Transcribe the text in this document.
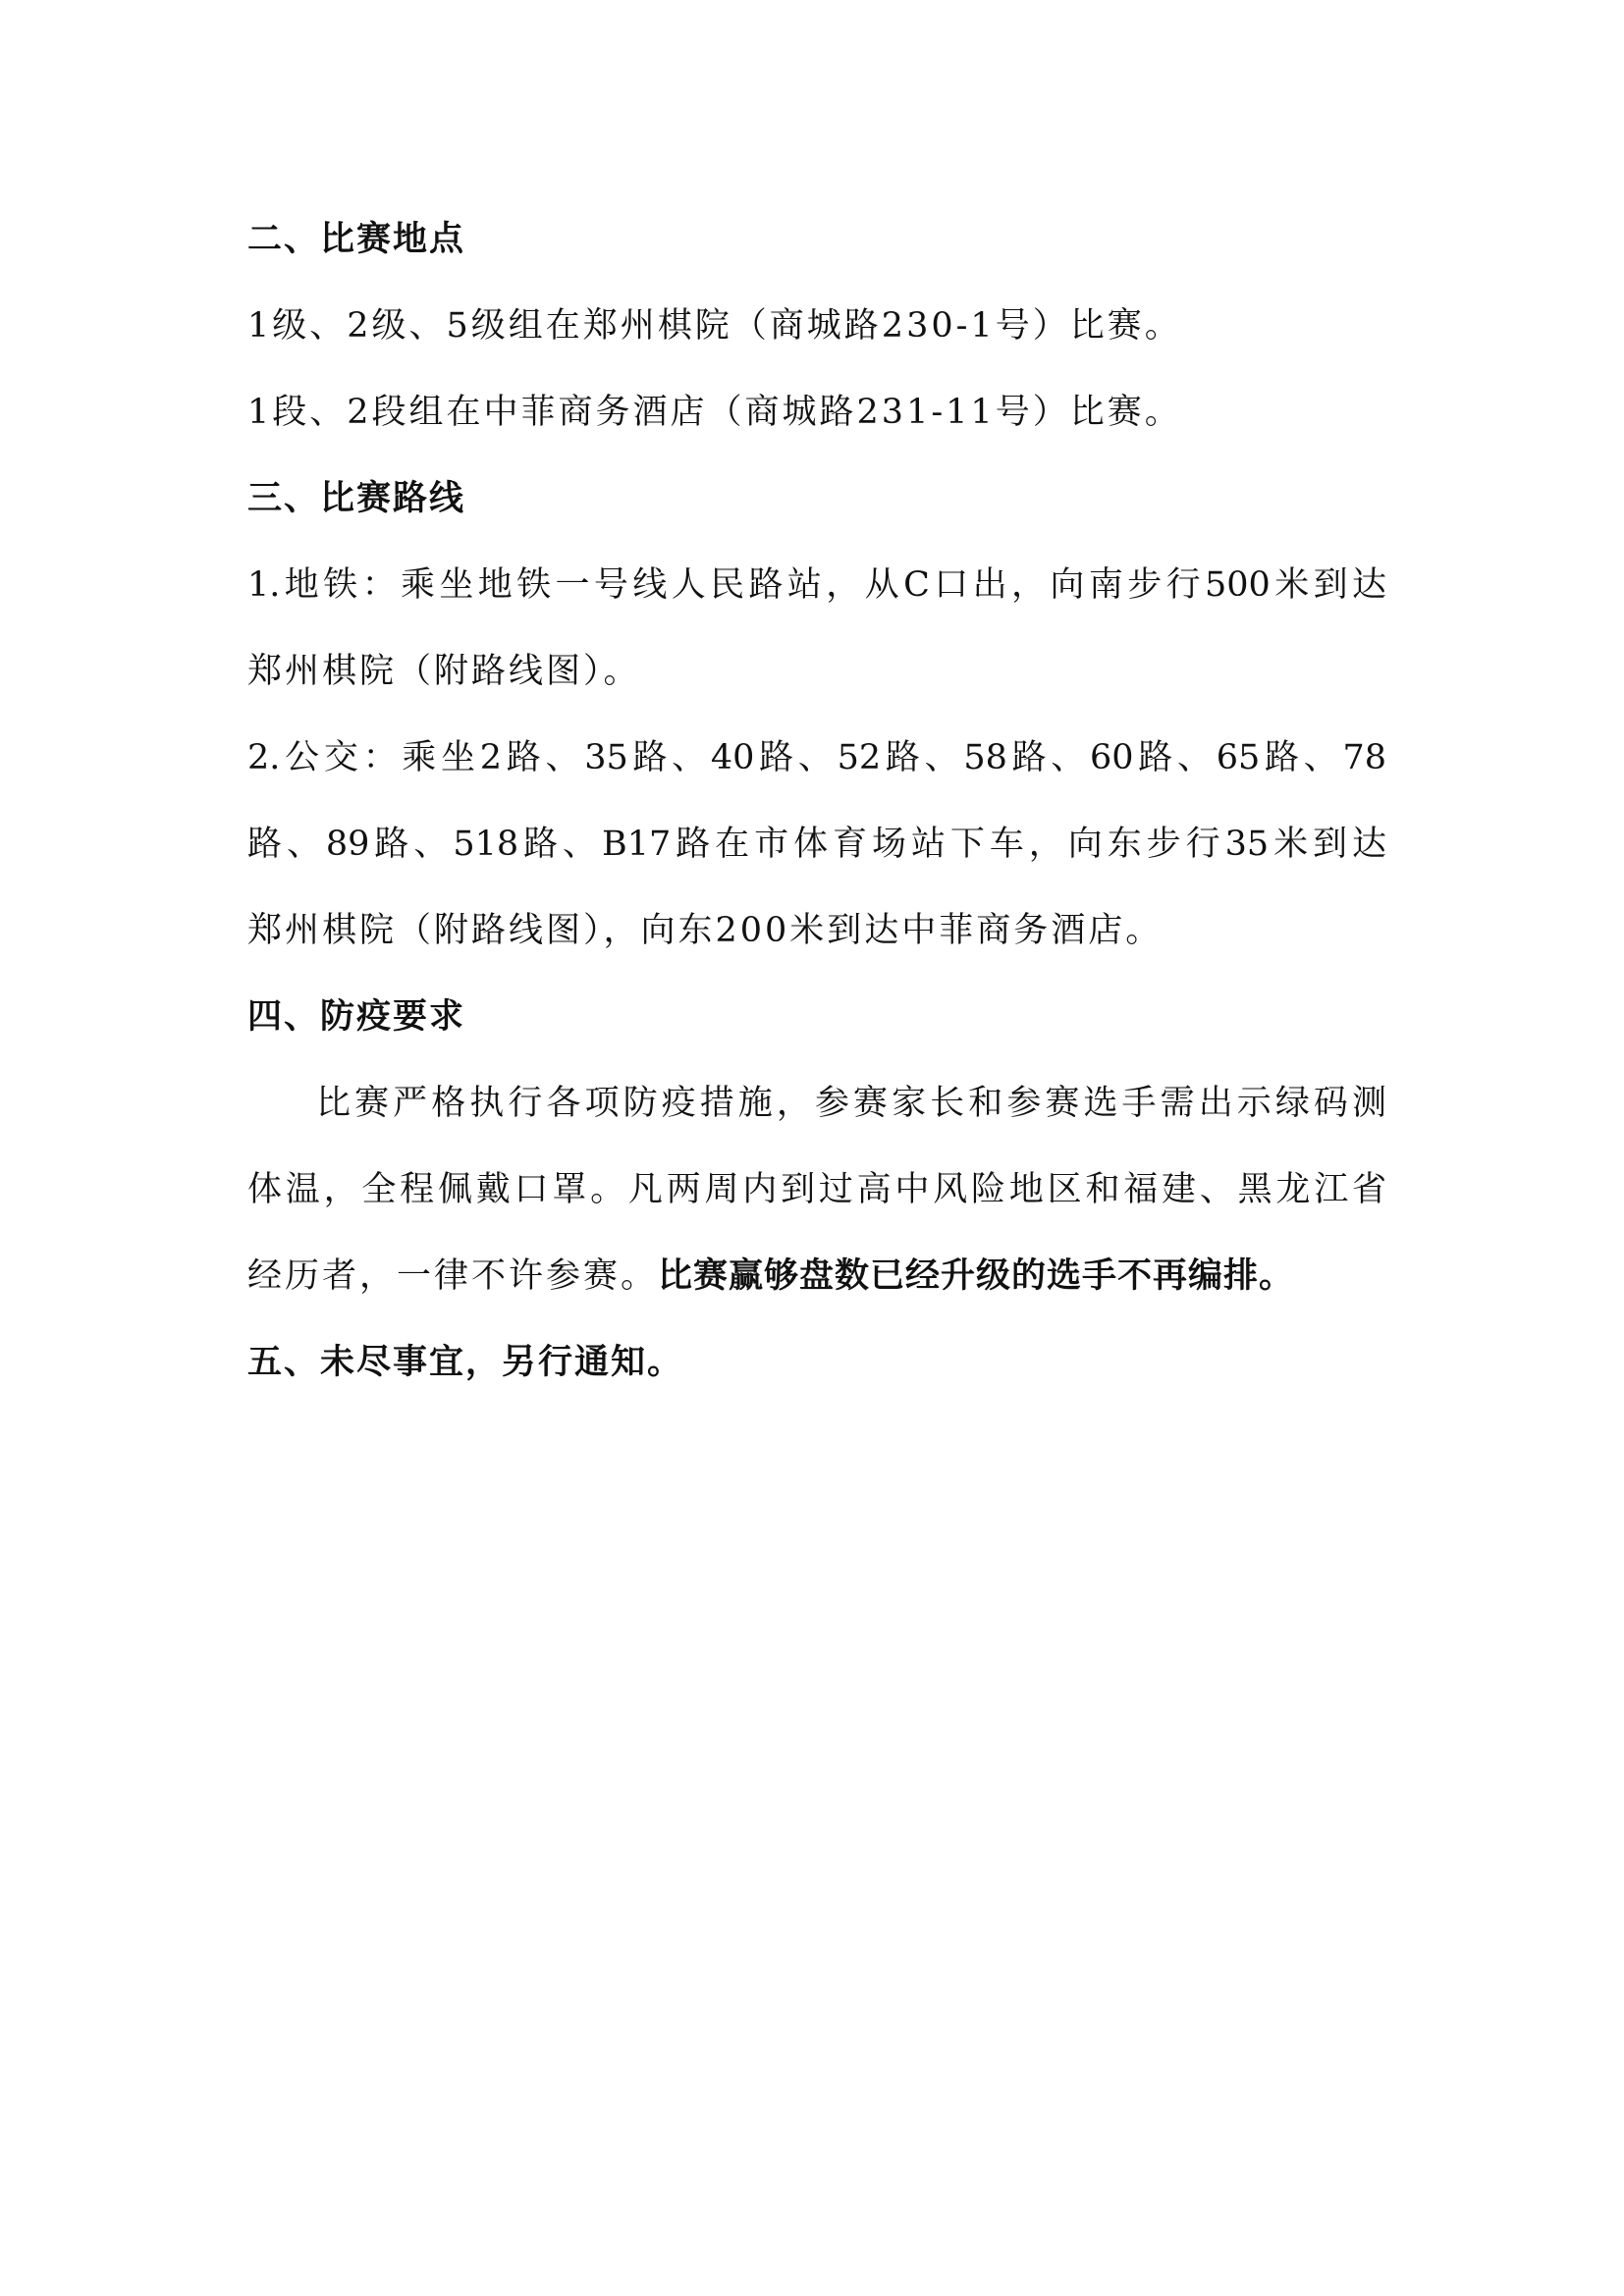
二、比赛地点
1级、2级、5级组在郑州棋院（商城路230-1号）比赛。
1段、2段组在中菲商务酒店（商城路231-11号）比赛。
三、比赛路线
1.地铁：乘坐地铁一号线人民路站，从C口出，向南步行500米到达
郑州棋院（附路线图）。
2.公交：乘坐2路、35路、40路、52路、58路、60路、65路、78
路、89路、518路、B17路在市体育场站下车，向东步行35米到达
郑州棋院（附路线图），向东200米到达中菲商务酒店。
四、防疫要求
比赛严格执行各项防疫措施，参赛家长和参赛选手需出示绿码测
体温，全程佩戴口罩。凡两周内到过高中风险地区和福建、黑龙江省
经历者，一律不许参赛。比赛赢够盘数已经升级的选手不再编排。
五、未尽事宜，另行通知。
